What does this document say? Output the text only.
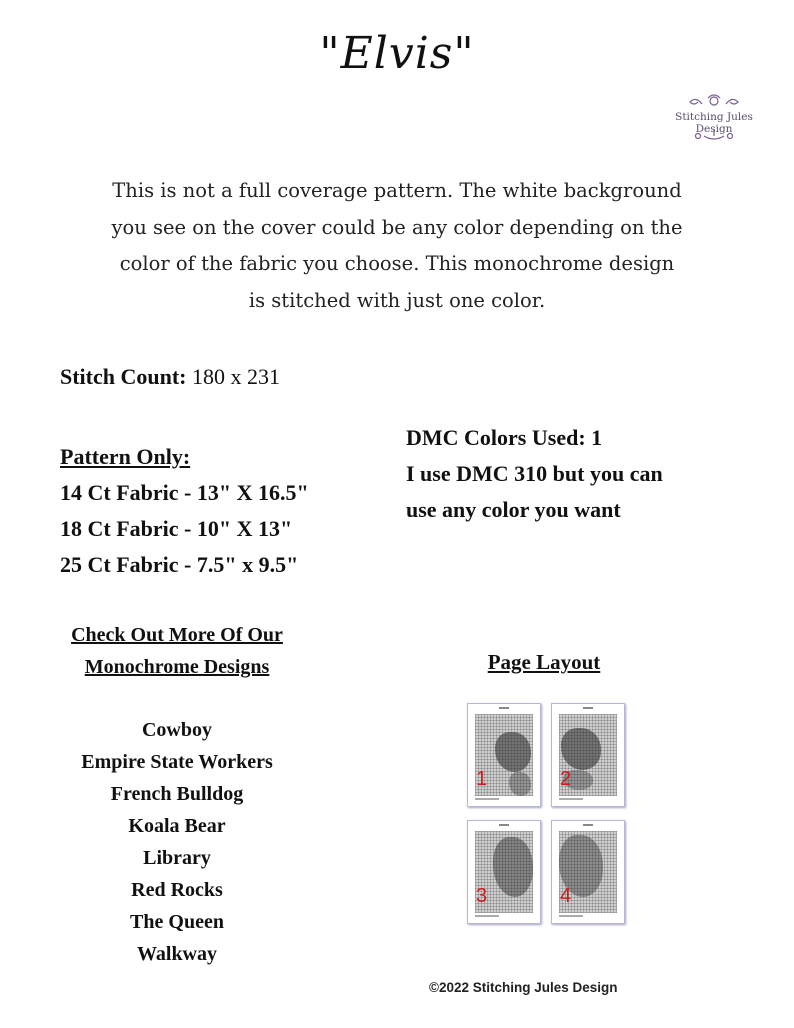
"Elvis"
Stitching Jules Design
This is not a full coverage pattern. The white background
you see on the cover could be any color depending on the
color of the fabric you choose. This monochrome design
is stitched with just one color.
Stitch Count: 180 x 231
Pattern Only:
14 Ct Fabric - 13" X 16.5"
18 Ct Fabric - 10" X 13"
25 Ct Fabric - 7.5" x 9.5"
DMC Colors Used: 1
I use DMC 310 but you can
use any color you want
Check Out More Of Our
Monochrome Designs
Cowboy
Empire State Workers
French Bulldog
Koala Bear
Library
Red Rocks
The Queen
Walkway
Page Layout
1	2
3	4
©2022 Stitching Jules Design
